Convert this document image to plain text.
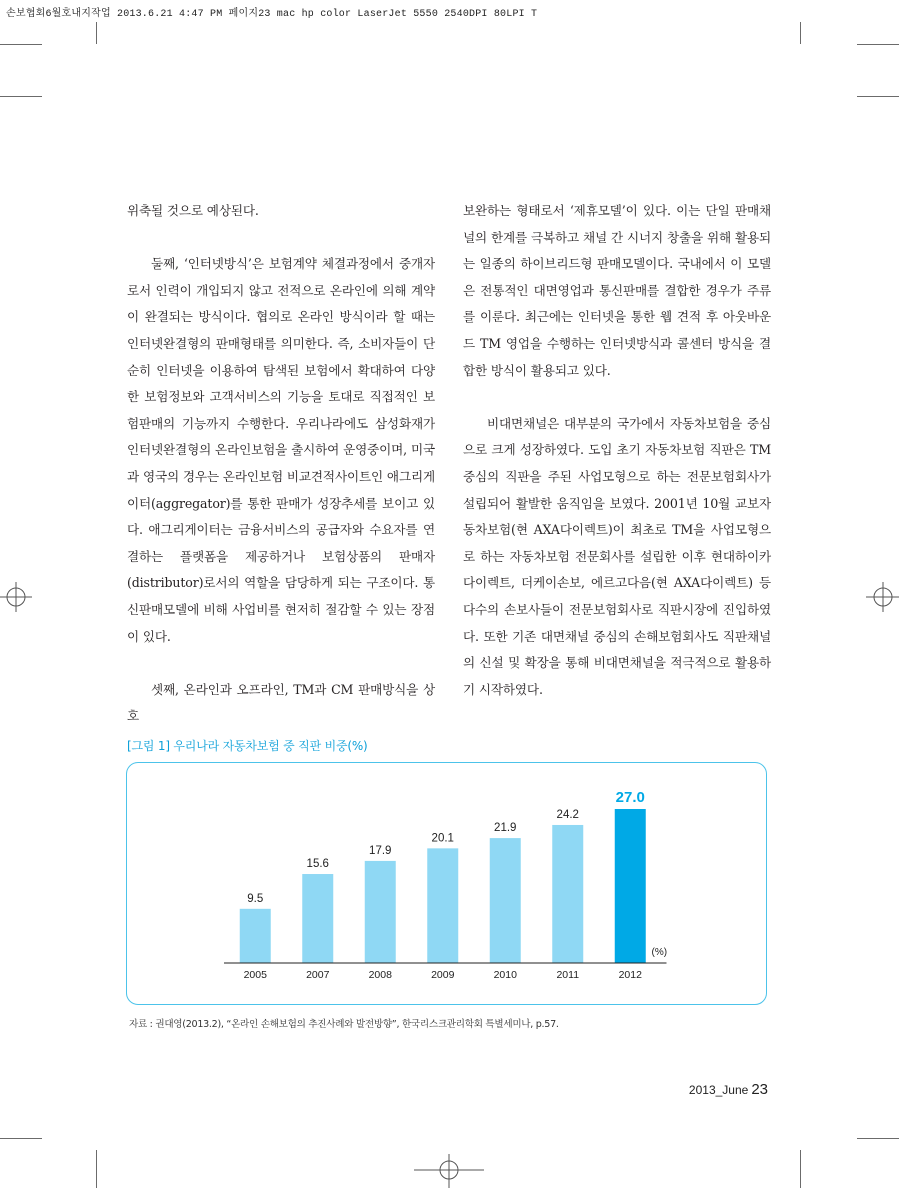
손보협회6월호내지작업 2013.6.21 4:47 PM 페이지23 mac hp color LaserJet 5550 2540DPI 80LPI T

위축될 것으로 예상된다.

둘째, ‘인터넷방식’은 보험계약 체결과정에서 중개자로서 인력이 개입되지 않고 전적으로 온라인에 의해 계약이 완결되는 방식이다. 협의로 온라인 방식이라 할 때는 인터넷완결형의 판매형태를 의미한다. 즉, 소비자들이 단순히 인터넷을 이용하여 탐색된 보험에서 확대하여 다양한 보험정보와 고객서비스의 기능을 토대로 직접적인 보험판매의 기능까지 수행한다. 우리나라에도 삼성화재가 인터넷완결형의 온라인보험을 출시하여 운영중이며, 미국과 영국의 경우는 온라인보험 비교견적사이트인 애그리게이터(aggregator)를 통한 판매가 성장추세를 보이고 있다. 애그리게이터는 금융서비스의 공급자와 수요자를 연결하는 플랫폼을 제공하거나 보험상품의 판매자(distributor)로서의 역할을 담당하게 되는 구조이다. 통신판매모델에 비해 사업비를 현저히 절감할 수 있는 장점이 있다.

셋째, 온라인과 오프라인, TM과 CM 판매방식을 상호

보완하는 형태로서 ‘제휴모델’이 있다. 이는 단일 판매채널의 한계를 극복하고 채널 간 시너지 창출을 위해 활용되는 일종의 하이브리드형 판매모델이다. 국내에서 이 모델은 전통적인 대면영업과 통신판매를 결합한 경우가 주류를 이룬다. 최근에는 인터넷을 통한 웹 견적 후 아웃바운드 TM 영업을 수행하는 인터넷방식과 콜센터 방식을 결합한 방식이 활용되고 있다.

비대면채널은 대부분의 국가에서 자동차보험을 중심으로 크게 성장하였다. 도입 초기 자동차보험 직판은 TM중심의 직판을 주된 사업모형으로 하는 전문보험회사가 설립되어 활발한 움직임을 보였다. 2001년 10월 교보자동차보험(현 AXA다이렉트)이 최초로 TM을 사업모형으로 하는 자동차보험 전문회사를 설립한 이후 현대하이카다이렉트, 더케이손보, 에르고다음(현 AXA다이렉트) 등 다수의 손보사들이 전문보험회사로 직판시장에 진입하였다. 또한 기존 대면채널 중심의 손해보험회사도 직판채널의 신설 및 확장을 통해 비대면채널을 적극적으로 활용하기 시작하였다.

[그림 1] 우리나라 자동차보험 중 직판 비중(%)
9.5
2005
15.6
2007
17.9
2008
20.1
2009
21.9
2010
24.2
2011
27.0
2012
(%)
자료 : 권대영(2013.2), “온라인 손해보험의 추진사례와 발전방향”, 한국리스크관리학회 특별세미나, p.57.
2013_June 23
